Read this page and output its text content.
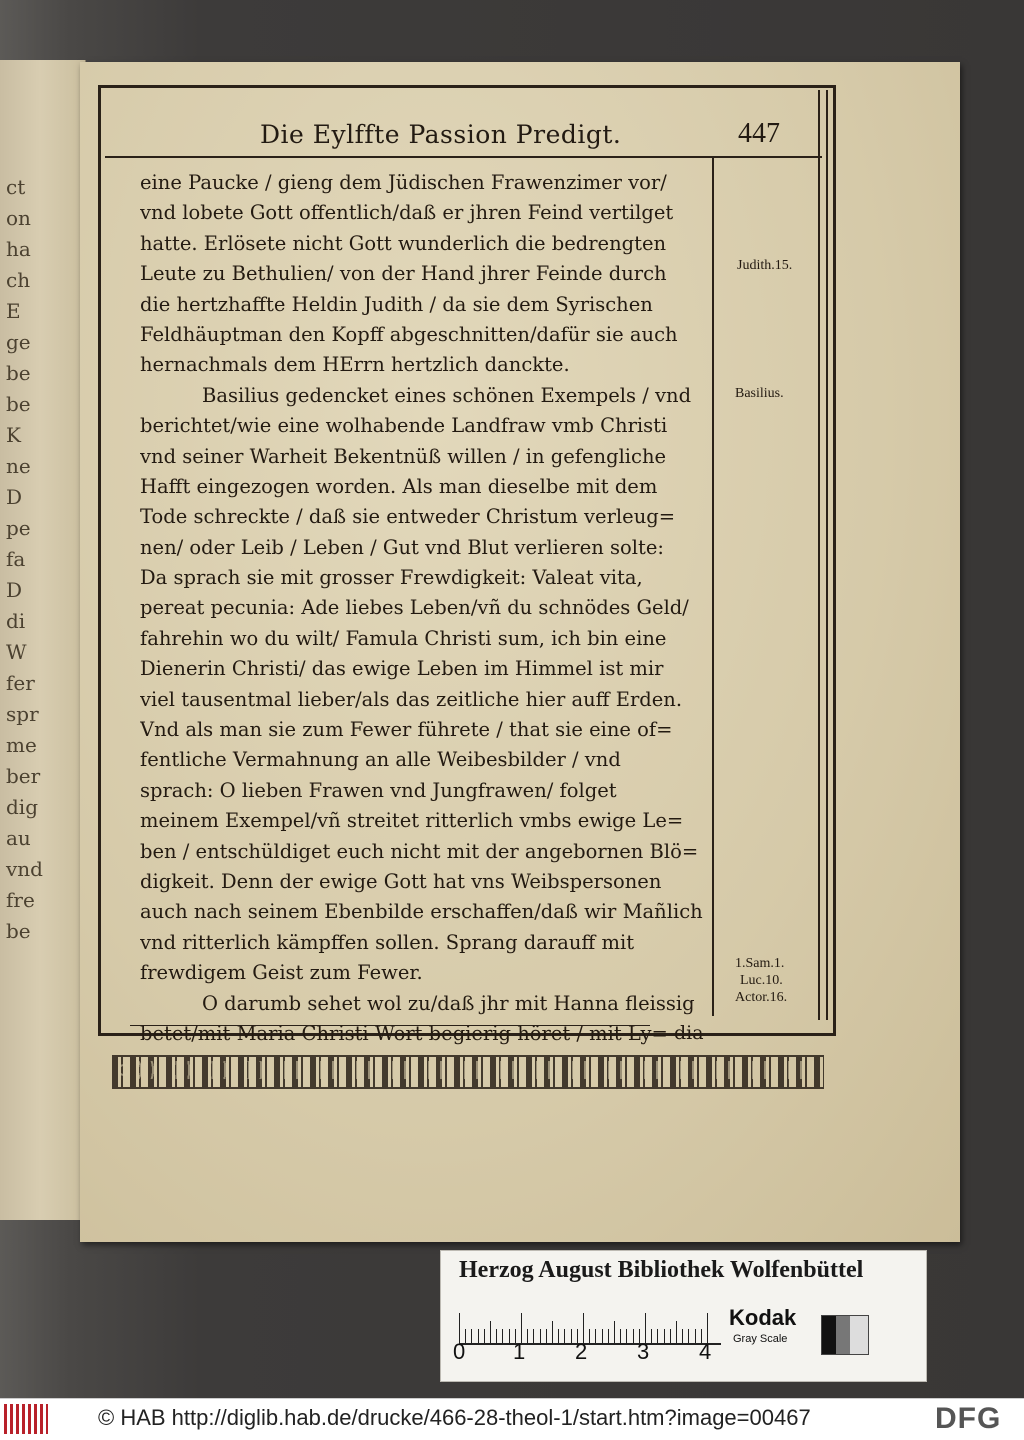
ct
on
ha
ch
E
ge
be
be
K
ne
D
pe
fa
D
di
W
fer
spr
me
ber
dig
au
vnd
fre
be
Die Eylffte Passion Predigt.	447
eine Paucke / gieng dem Jüdischen Frawenzimer vor/
vnd lobete Gott offentlich/daß er jhren Feind vertilget
hatte. Erlösete nicht Gott wunderlich die bedrengten
Leute zu Bethulien/ von der Hand jhrer Feinde durch
die hertzhaffte Heldin Judith / da sie dem Syrischen
Feldhäuptman den Kopff abgeschnitten/dafür sie auch
hernachmals dem HErrn hertzlich danckte.
Basilius gedencket eines schönen Exempels / vnd
berichtet/wie eine wolhabende Landfraw vmb Christi
vnd seiner Warheit Bekentnüß willen / in gefengliche
Hafft eingezogen worden. Als man dieselbe mit dem
Tode schreckte / daß sie entweder Christum verleug=
nen/ oder Leib / Leben / Gut vnd Blut verlieren solte:
Da sprach sie mit grosser Frewdigkeit: Valeat vita,
pereat pecunia: Ade liebes Leben/vñ du schnödes Geld/
fahrehin wo du wilt/ Famula Christi sum, ich bin eine
Dienerin Christi/ das ewige Leben im Himmel ist mir
viel tausentmal lieber/als das zeitliche hier auff Erden.
Vnd als man sie zum Fewer führete / that sie eine of=
fentliche Vermahnung an alle Weibesbilder / vnd
sprach: O lieben Frawen vnd Jungfrawen/ folget
meinem Exempel/vñ streitet ritterlich vmbs ewige Le=
ben / entschüldiget euch nicht mit der angebornen Blö=
digkeit. Denn der ewige Gott hat vns Weibspersonen
auch nach seinem Ebenbilde erschaffen/daß wir Mañlich
vnd ritterlich kämpffen sollen. Sprang darauff mit
frewdigem Geist zum Fewer.
O darumb sehet wol zu/daß jhr mit Hanna fleissig
betet/mit Maria Christi Wort begierig höret / mit Ly=
Judith.15.
Basilius.
1.Sam.1.
Luc.10.
Actor.16.
dia
Herzog August Bibliothek Wolfenbüttel
0 1 2 3 4
Kodak
Gray Scale
© HAB http://diglib.hab.de/drucke/466-28-theol-1/start.htm?image=00467	DFG
